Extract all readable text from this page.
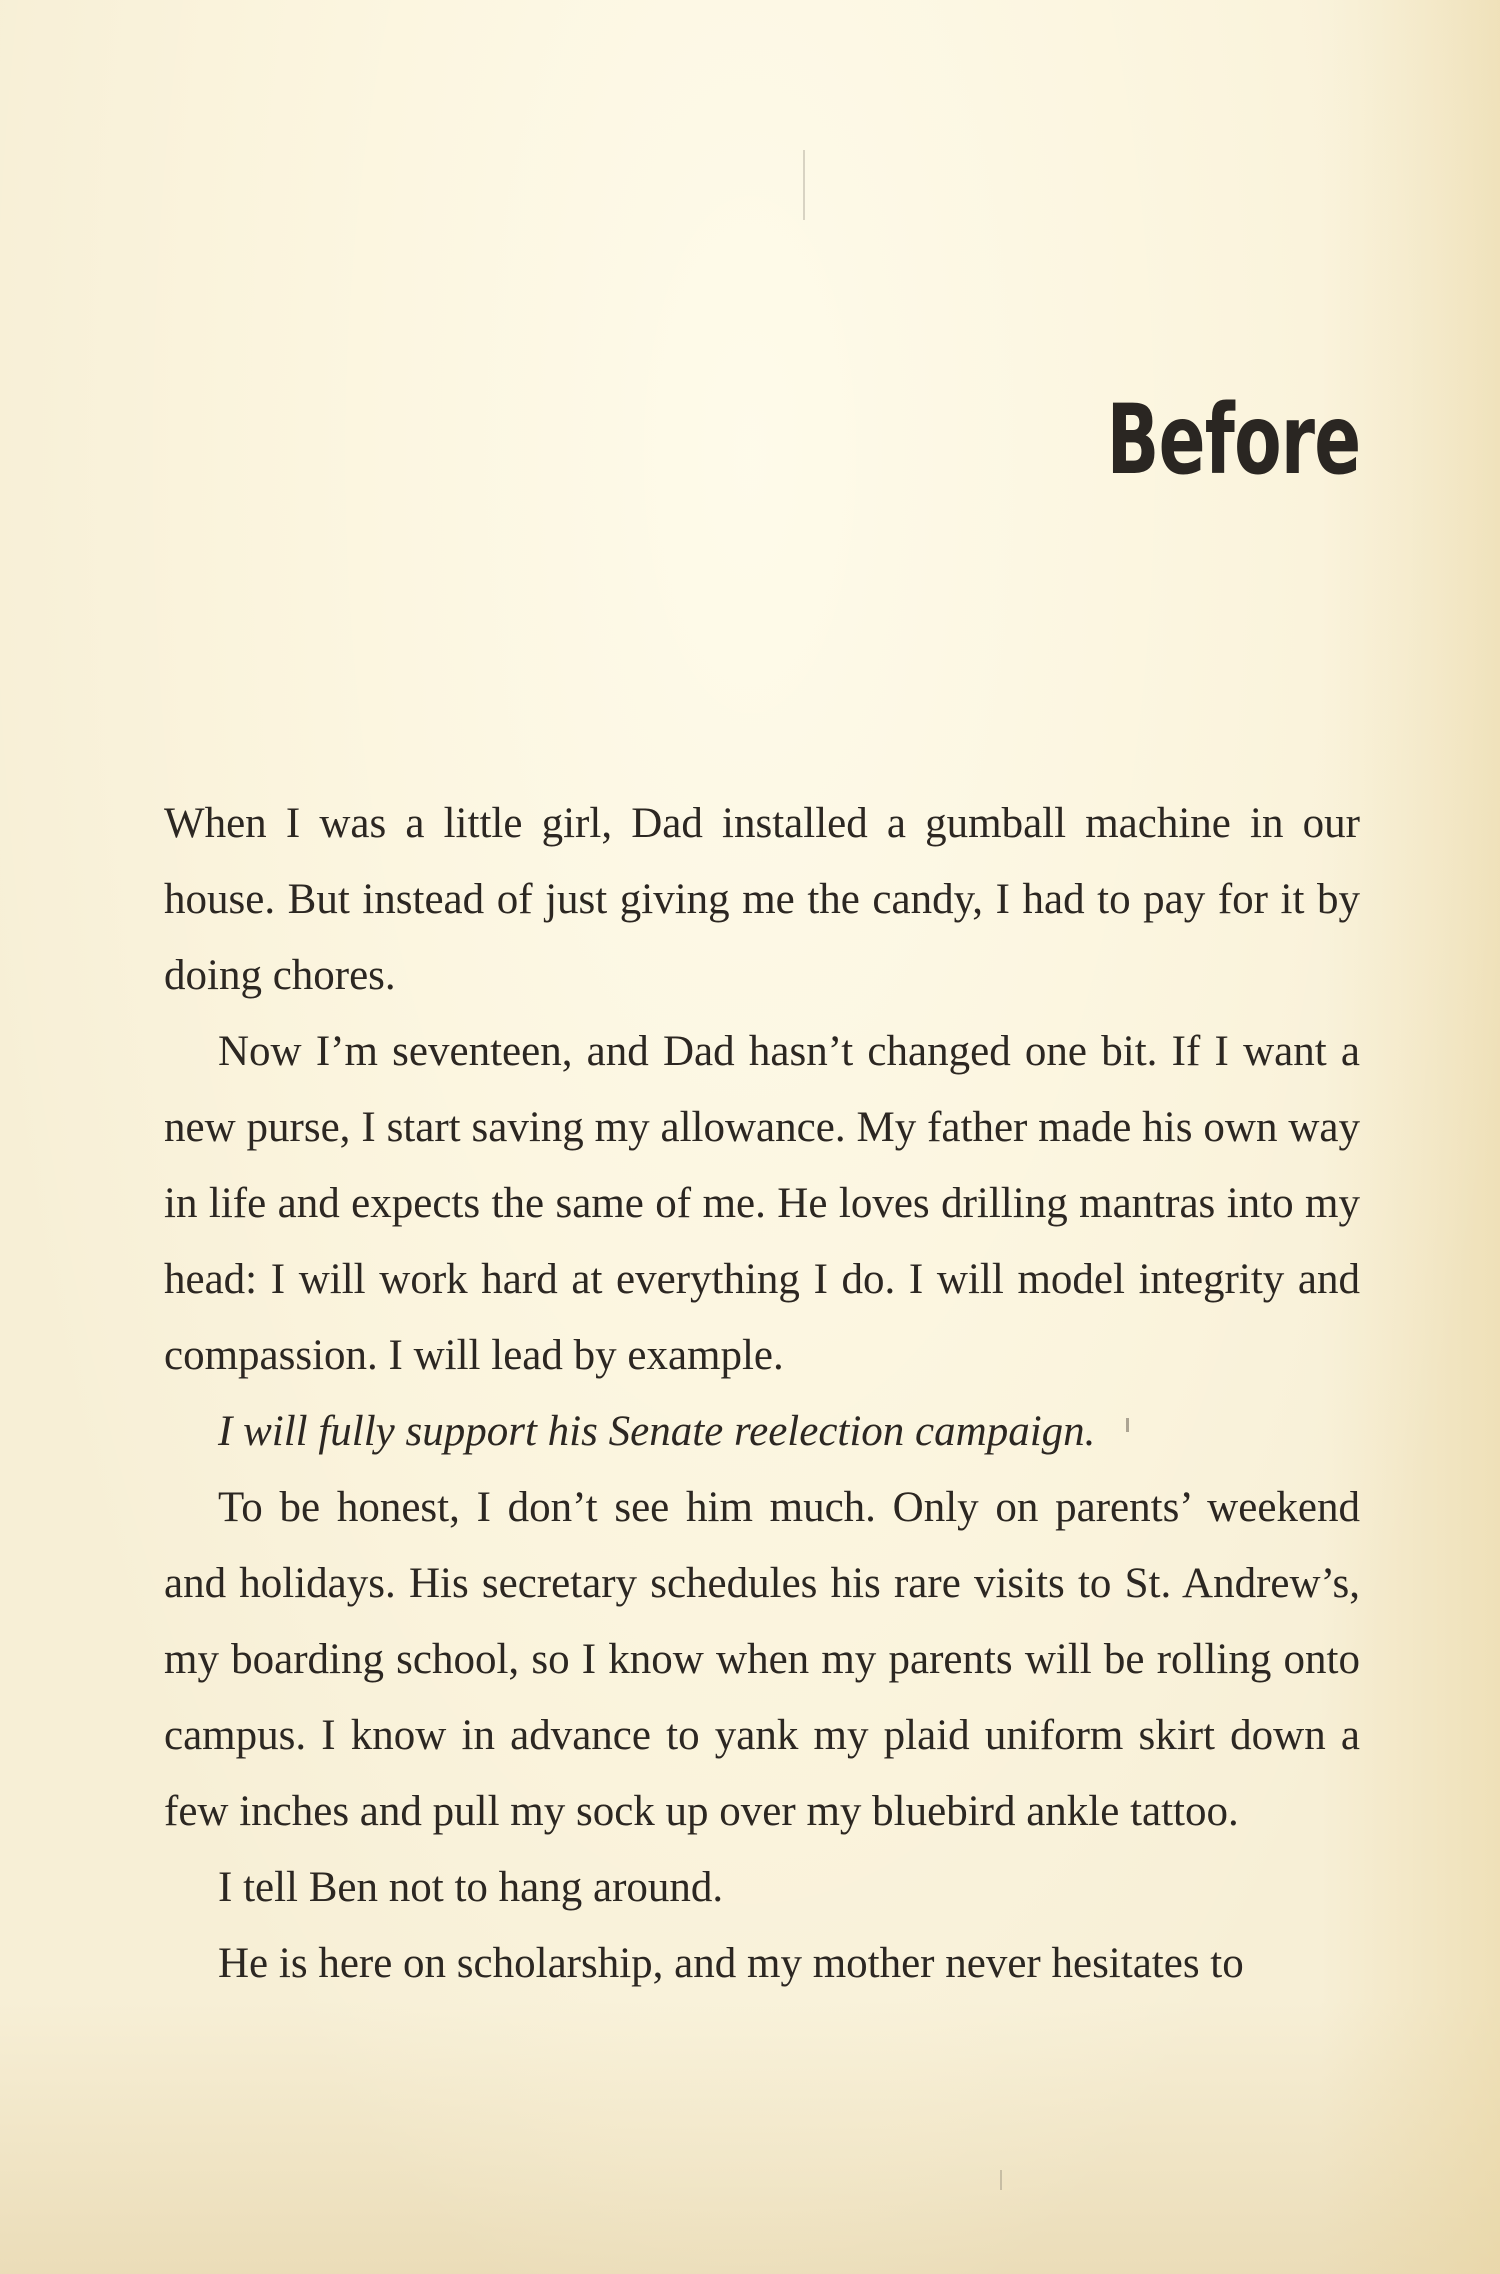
Before

When I was a little girl, Dad installed a gumball machine in our house. But instead of just giving me the candy, I had to pay for it by doing chores.

Now I’m seventeen, and Dad hasn’t changed one bit. If I want a new purse, I start saving my allowance. My father made his own way in life and expects the same of me. He loves drilling mantras into my head: I will work hard at everything I do. I will model integrity and compassion. I will lead by example.

I will fully support his Senate reelection campaign.

To be honest, I don’t see him much. Only on parents’ weekend and holidays. His secretary schedules his rare visits to St. Andrew’s, my boarding school, so I know when my parents will be rolling onto campus. I know in advance to yank my plaid uniform skirt down a few inches and pull my sock up over my bluebird ankle tattoo.

I tell Ben not to hang around.

He is here on scholarship, and my mother never hesitates to
